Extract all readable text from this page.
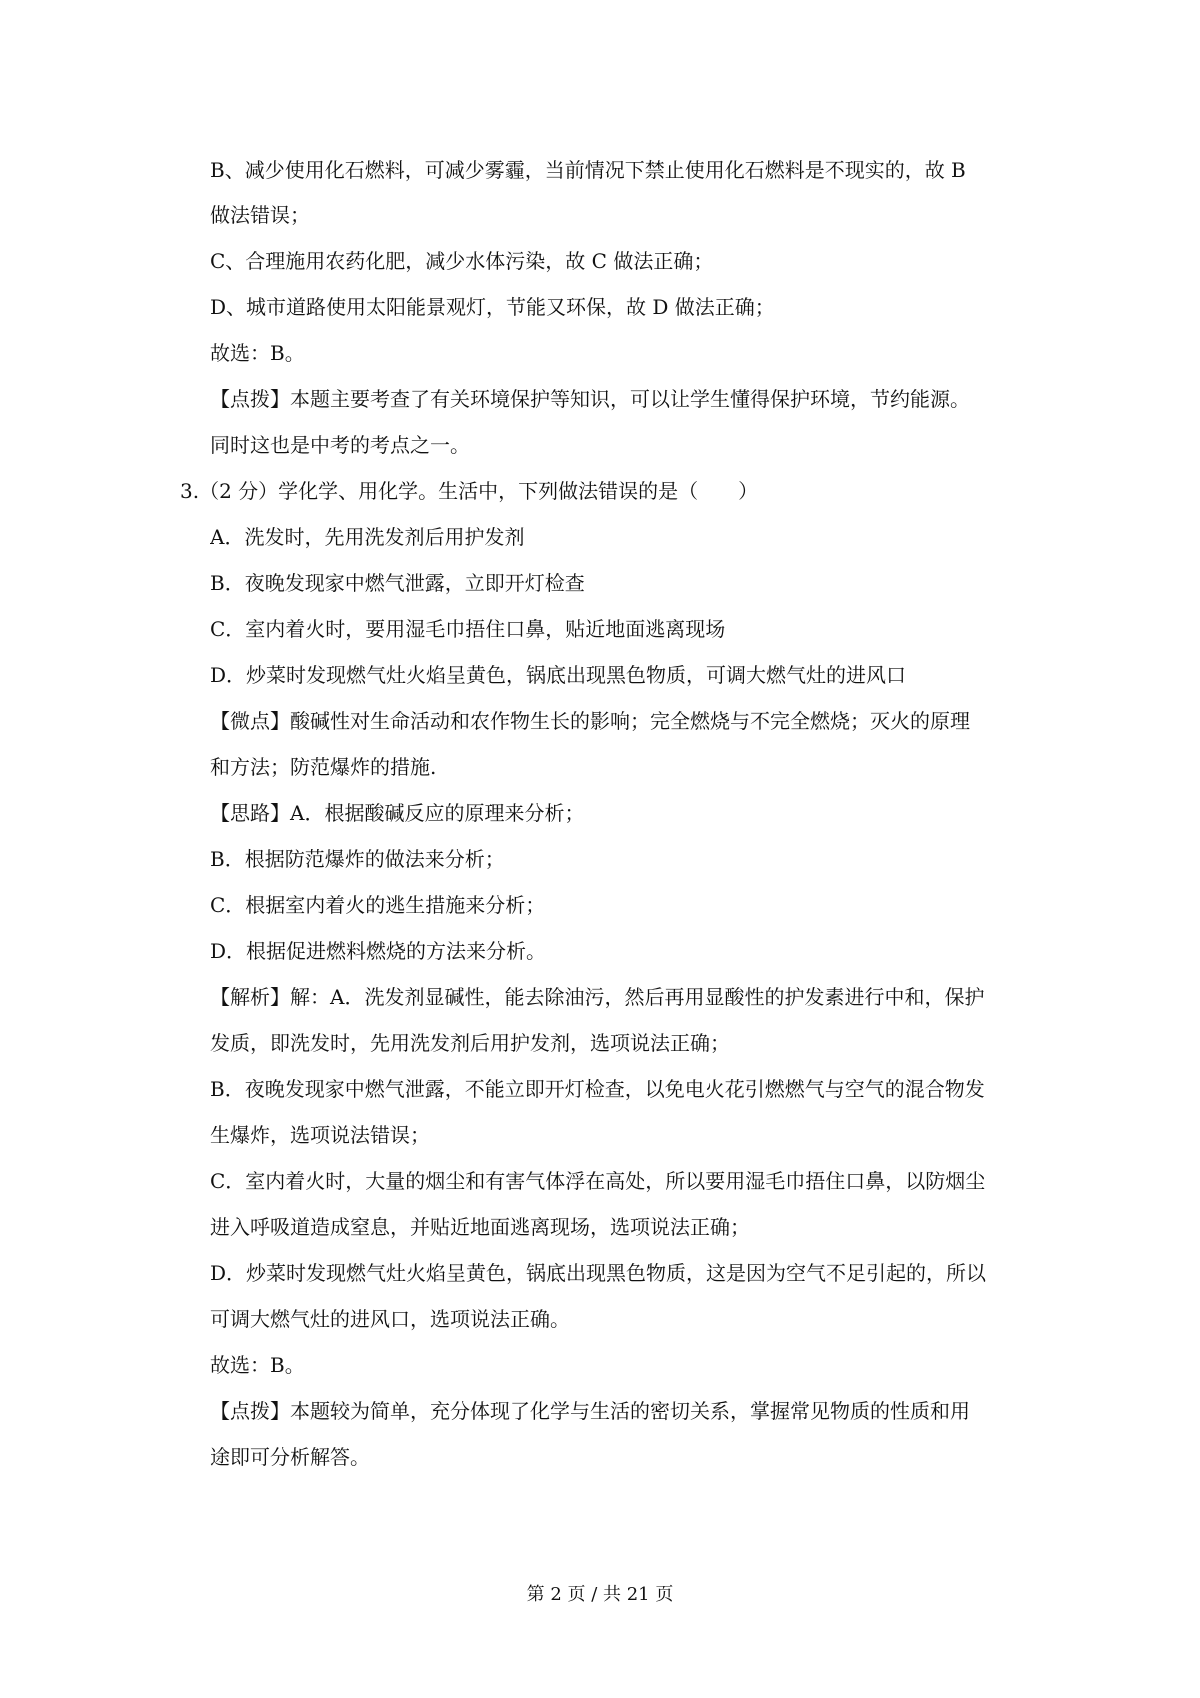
B、减少使用化石燃料，可减少雾霾，当前情况下禁止使用化石燃料是不现实的，故 B
做法错误；
C、合理施用农药化肥，减少水体污染，故 C 做法正确；
D、城市道路使用太阳能景观灯，节能又环保，故 D 做法正确；
故选：B。
【点拨】本题主要考查了有关环境保护等知识，可以让学生懂得保护环境，节约能源。
同时这也是中考的考点之一。
3.（2 分）学化学、用化学。生活中，下列做法错误的是（　　）
A．洗发时，先用洗发剂后用护发剂
B．夜晚发现家中燃气泄露，立即开灯检查
C．室内着火时，要用湿毛巾捂住口鼻，贴近地面逃离现场
D．炒菜时发现燃气灶火焰呈黄色，锅底出现黑色物质，可调大燃气灶的进风口
【微点】酸碱性对生命活动和农作物生长的影响；完全燃烧与不完全燃烧；灭火的原理
和方法；防范爆炸的措施.
【思路】A．根据酸碱反应的原理来分析；
B．根据防范爆炸的做法来分析；
C．根据室内着火的逃生措施来分析；
D．根据促进燃料燃烧的方法来分析。
【解析】解：A．洗发剂显碱性，能去除油污，然后再用显酸性的护发素进行中和，保护
发质，即洗发时，先用洗发剂后用护发剂，选项说法正确；
B．夜晚发现家中燃气泄露，不能立即开灯检查，以免电火花引燃燃气与空气的混合物发
生爆炸，选项说法错误；
C．室内着火时，大量的烟尘和有害气体浮在高处，所以要用湿毛巾捂住口鼻，以防烟尘
进入呼吸道造成窒息，并贴近地面逃离现场，选项说法正确；
D．炒菜时发现燃气灶火焰呈黄色，锅底出现黑色物质，这是因为空气不足引起的，所以
可调大燃气灶的进风口，选项说法正确。
故选：B。
【点拨】本题较为简单，充分体现了化学与生活的密切关系，掌握常见物质的性质和用
途即可分析解答。
第 2 页 / 共 21 页
